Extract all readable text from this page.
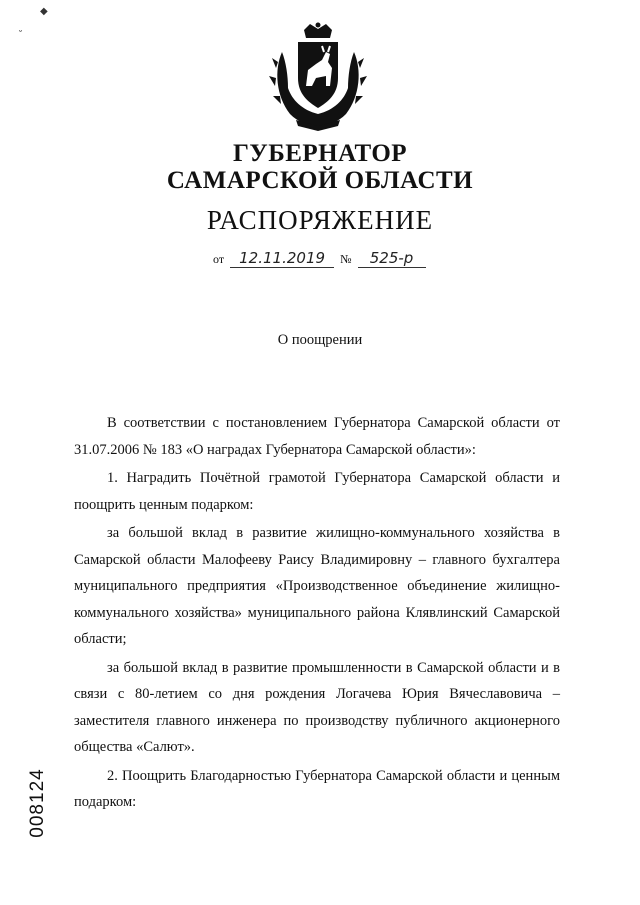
◆
˘
ГУБЕРНАТОР
САМАРСКОЙ ОБЛАСТИ
РАСПОРЯЖЕНИЕ
от 12.11.2019 № 525-р
О поощрении

В соответствии с постановлением Губернатора Самарской области от 31.07.2006 № 183 «О наградах Губернатора Самарской области»:

1. Наградить Почётной грамотой Губернатора Самарской области и поощрить ценным подарком:

за большой вклад в развитие жилищно-коммунального хозяйства в Самарской области Малофееву Раису Владимировну – главного бухгалтера муниципального предприятия «Производственное объединение жилищно-коммунального хозяйства» муниципального района Клявлинский Самарской области;

за большой вклад в развитие промышленности в Самарской области и в связи с 80-летием со дня рождения Логачева Юрия Вячеславовича – заместителя главного инженера по производству публичного акционерного общества «Салют».

2. Поощрить Благодарностью Губернатора Самарской области и ценным подарком:

008124
